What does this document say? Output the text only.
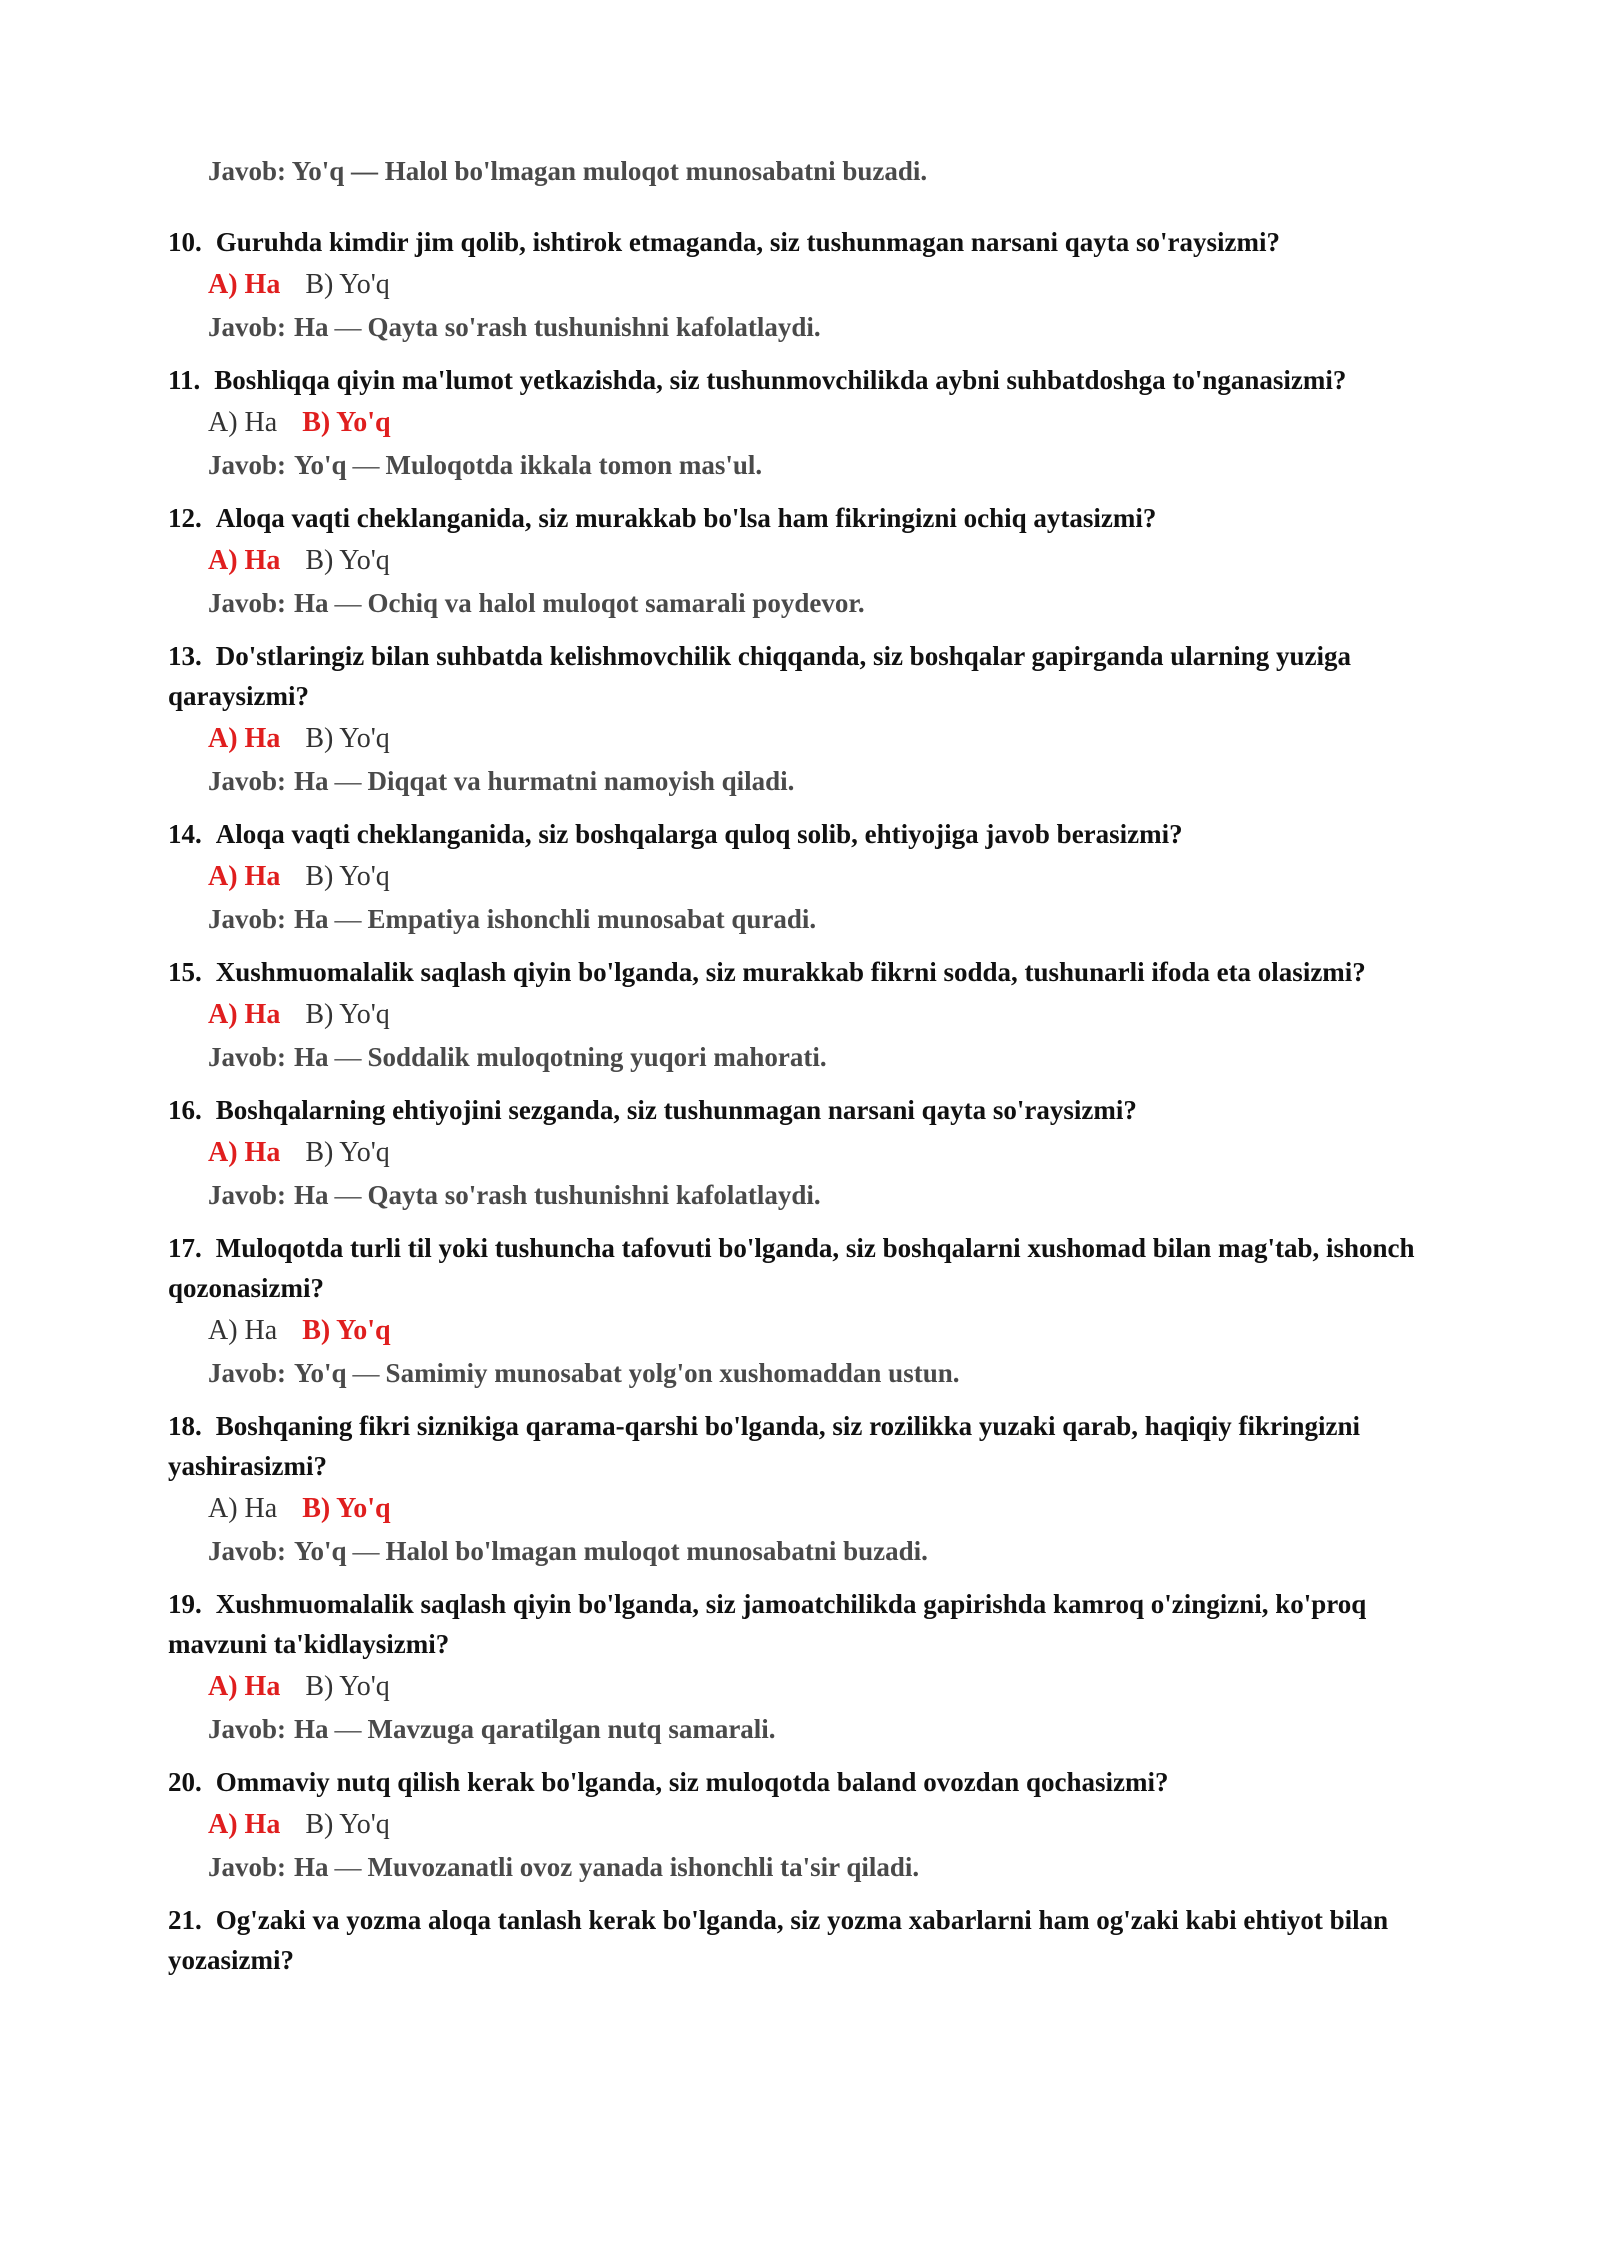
Javob: Yo'q — Halol bo'lmagan muloqot munosabatni buzadi.

10. Guruhda kimdir jim qolib, ishtirok etmaganda, siz tushunmagan narsani qayta so'raysizmi?

A) Ha B) Yo'q

Javob: Ha — Qayta so'rash tushunishni kafolatlaydi.

11. Boshliqqa qiyin ma'lumot yetkazishda, siz tushunmovchilikda aybni suhbatdoshga to'nganasizmi?

A) Ha B) Yo'q

Javob: Yo'q — Muloqotda ikkala tomon mas'ul.

12. Aloqa vaqti cheklanganida, siz murakkab bo'lsa ham fikringizni ochiq aytasizmi?

A) Ha B) Yo'q

Javob: Ha — Ochiq va halol muloqot samarali poydevor.

13. Do'stlaringiz bilan suhbatda kelishmovchilik chiqqanda, siz boshqalar gapirganda ularning yuziga qaraysizmi?

A) Ha B) Yo'q

Javob: Ha — Diqqat va hurmatni namoyish qiladi.

14. Aloqa vaqti cheklanganida, siz boshqalarga quloq solib, ehtiyojiga javob berasizmi?

A) Ha B) Yo'q

Javob: Ha — Empatiya ishonchli munosabat quradi.

15. Xushmuomalalik saqlash qiyin bo'lganda, siz murakkab fikrni sodda, tushunarli ifoda eta olasizmi?

A) Ha B) Yo'q

Javob: Ha — Soddalik muloqotning yuqori mahorati.

16. Boshqalarning ehtiyojini sezganda, siz tushunmagan narsani qayta so'raysizmi?

A) Ha B) Yo'q

Javob: Ha — Qayta so'rash tushunishni kafolatlaydi.

17. Muloqotda turli til yoki tushuncha tafovuti bo'lganda, siz boshqalarni xushomad bilan mag'tab, ishonch qozonasizmi?

A) Ha B) Yo'q

Javob: Yo'q — Samimiy munosabat yolg'on xushomaddan ustun.

18. Boshqaning fikri siznikiga qarama-qarshi bo'lganda, siz rozilikka yuzaki qarab, haqiqiy fikringizni yashirasizmi?

A) Ha B) Yo'q

Javob: Yo'q — Halol bo'lmagan muloqot munosabatni buzadi.

19. Xushmuomalalik saqlash qiyin bo'lganda, siz jamoatchilikda gapirishda kamroq o'zingizni, ko'proq mavzuni ta'kidlaysizmi?

A) Ha B) Yo'q

Javob: Ha — Mavzuga qaratilgan nutq samarali.

20. Ommaviy nutq qilish kerak bo'lganda, siz muloqotda baland ovozdan qochasizmi?

A) Ha B) Yo'q

Javob: Ha — Muvozanatli ovoz yanada ishonchli ta'sir qiladi.

21. Og'zaki va yozma aloqa tanlash kerak bo'lganda, siz yozma xabarlarni ham og'zaki kabi ehtiyot bilan yozasizmi?
